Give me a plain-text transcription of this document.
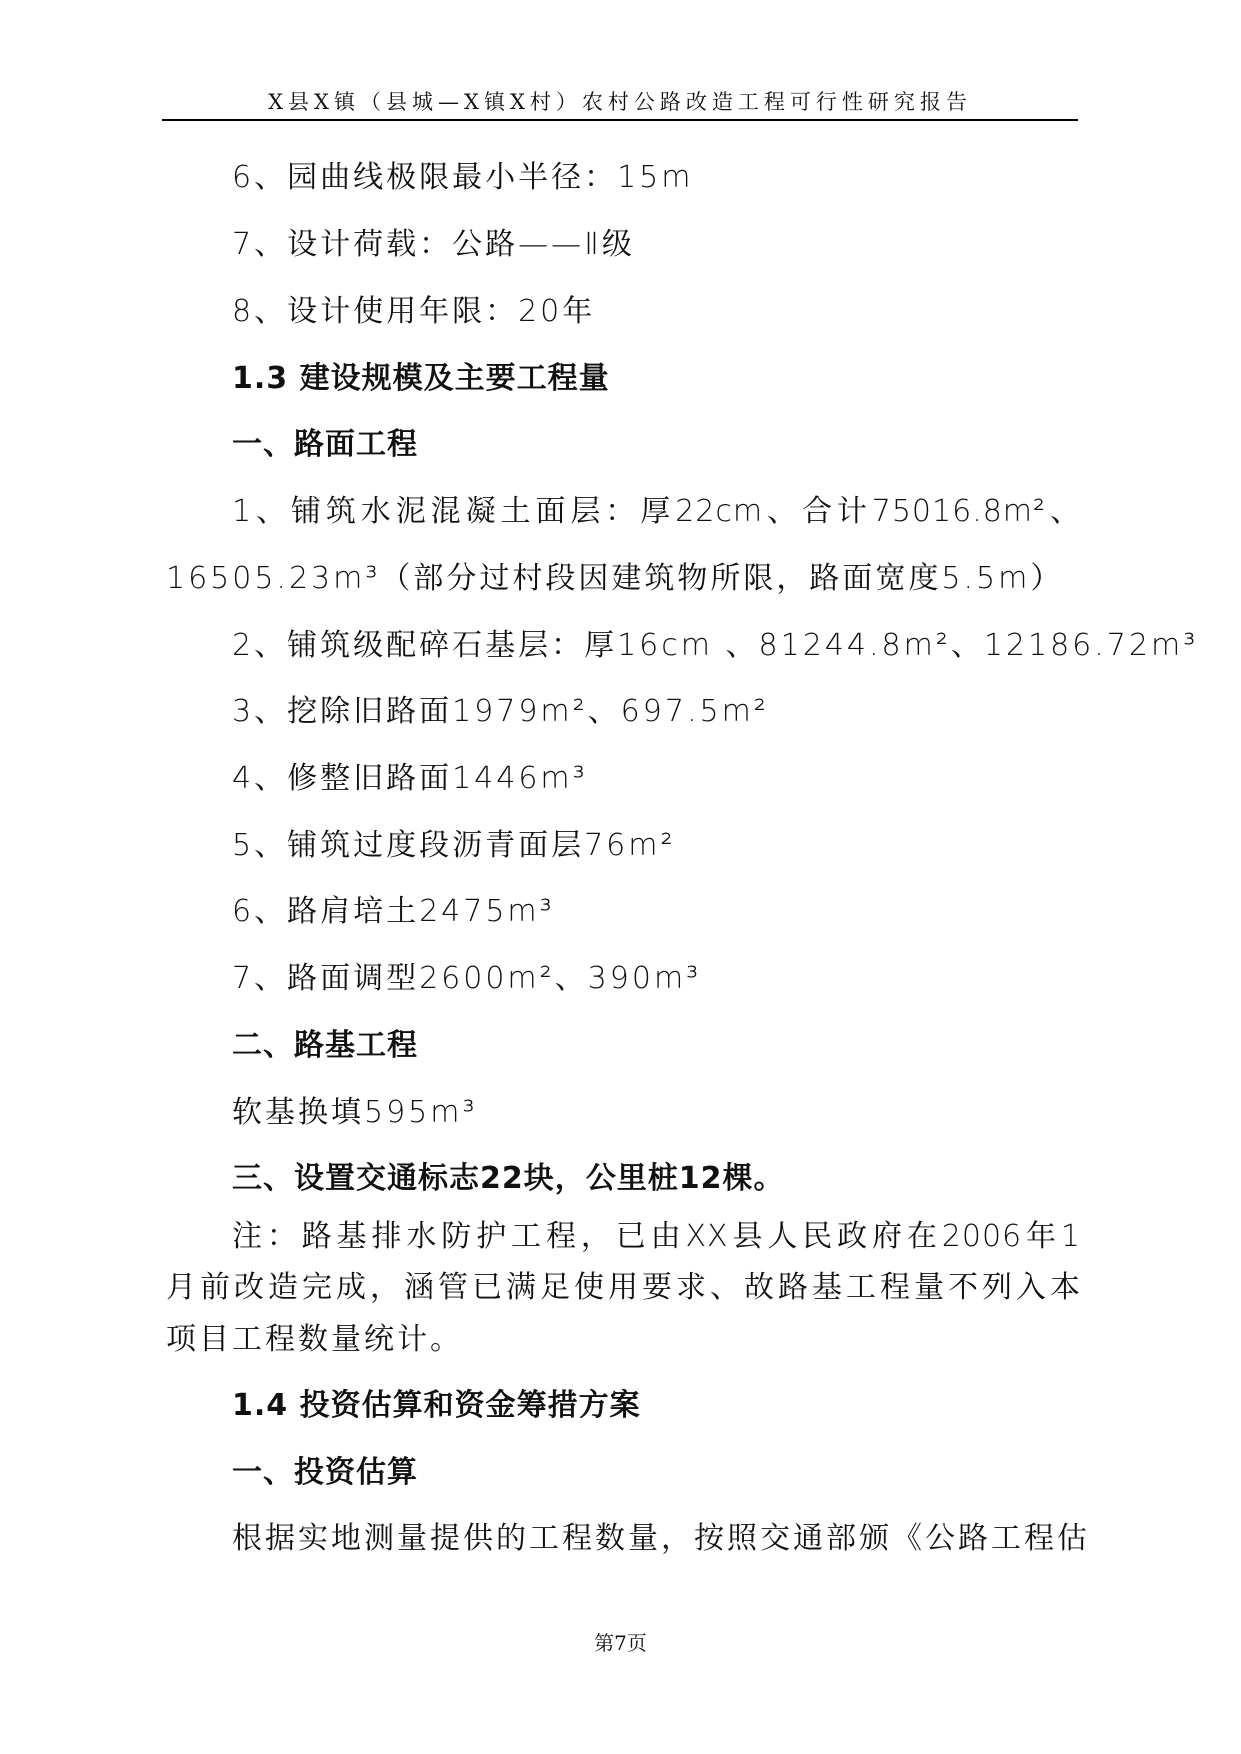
X县X镇（县城—X镇X村）农村公路改造工程可行性研究报告
6、园曲线极限最小半径：15m
7、设计荷载：公路——Ⅱ级
8、设计使用年限：20年
1.3 建设规模及主要工程量
一、路面工程
1、铺筑水泥混凝土面层：厚22cm、合计75016.8m²、
16505.23m³（部分过村段因建筑物所限，路面宽度5.5m）
2、铺筑级配碎石基层：厚16cm 、81244.8m²、12186.72m³
3、挖除旧路面1979m²、697.5m²
4、修整旧路面1446m³
5、铺筑过度段沥青面层76m²
6、路肩培土2475m³
7、路面调型2600m²、390m³
二、路基工程
软基换填595m³
三、设置交通标志22块，公里桩12棵。
注：路基排水防护工程，已由XX县人民政府在2006年1
月前改造完成，涵管已满足使用要求、故路基工程量不列入本
项目工程数量统计。
1.4 投资估算和资金筹措方案
一、投资估算
根据实地测量提供的工程数量，按照交通部颁《公路工程估
第7页
